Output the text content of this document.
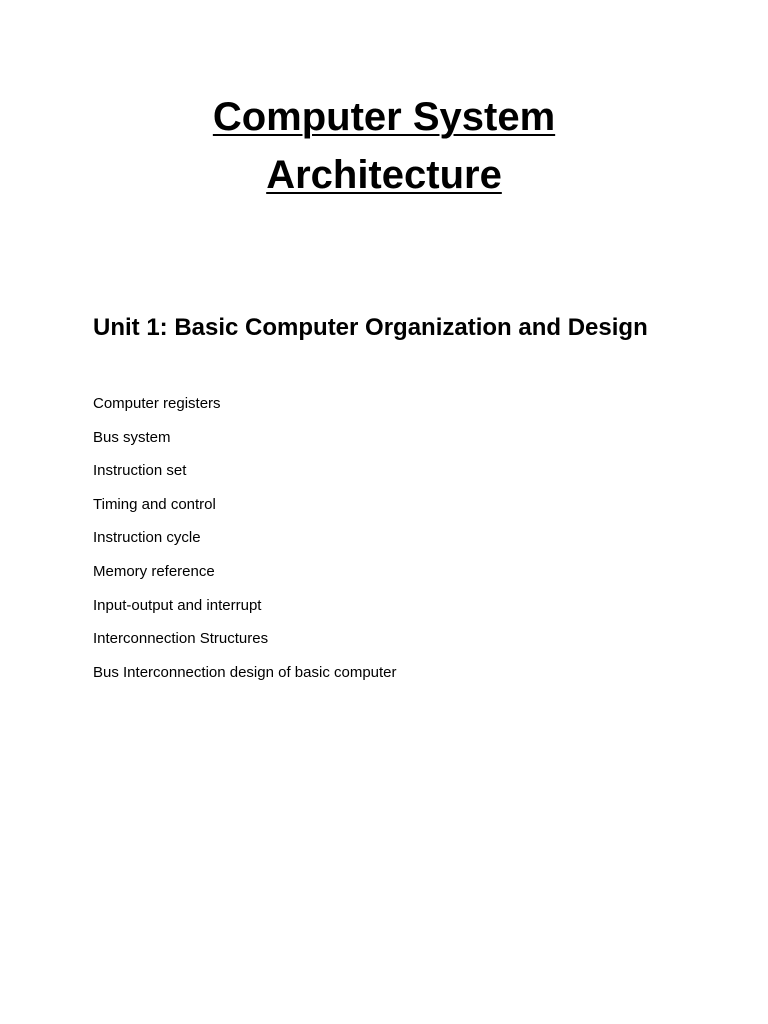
Computer System
Architecture
Unit 1: Basic Computer Organization and Design
Computer registers
Bus system
Instruction set
Timing and control
Instruction cycle
Memory reference
Input-output and interrupt
Interconnection Structures
Bus Interconnection design of basic computer
